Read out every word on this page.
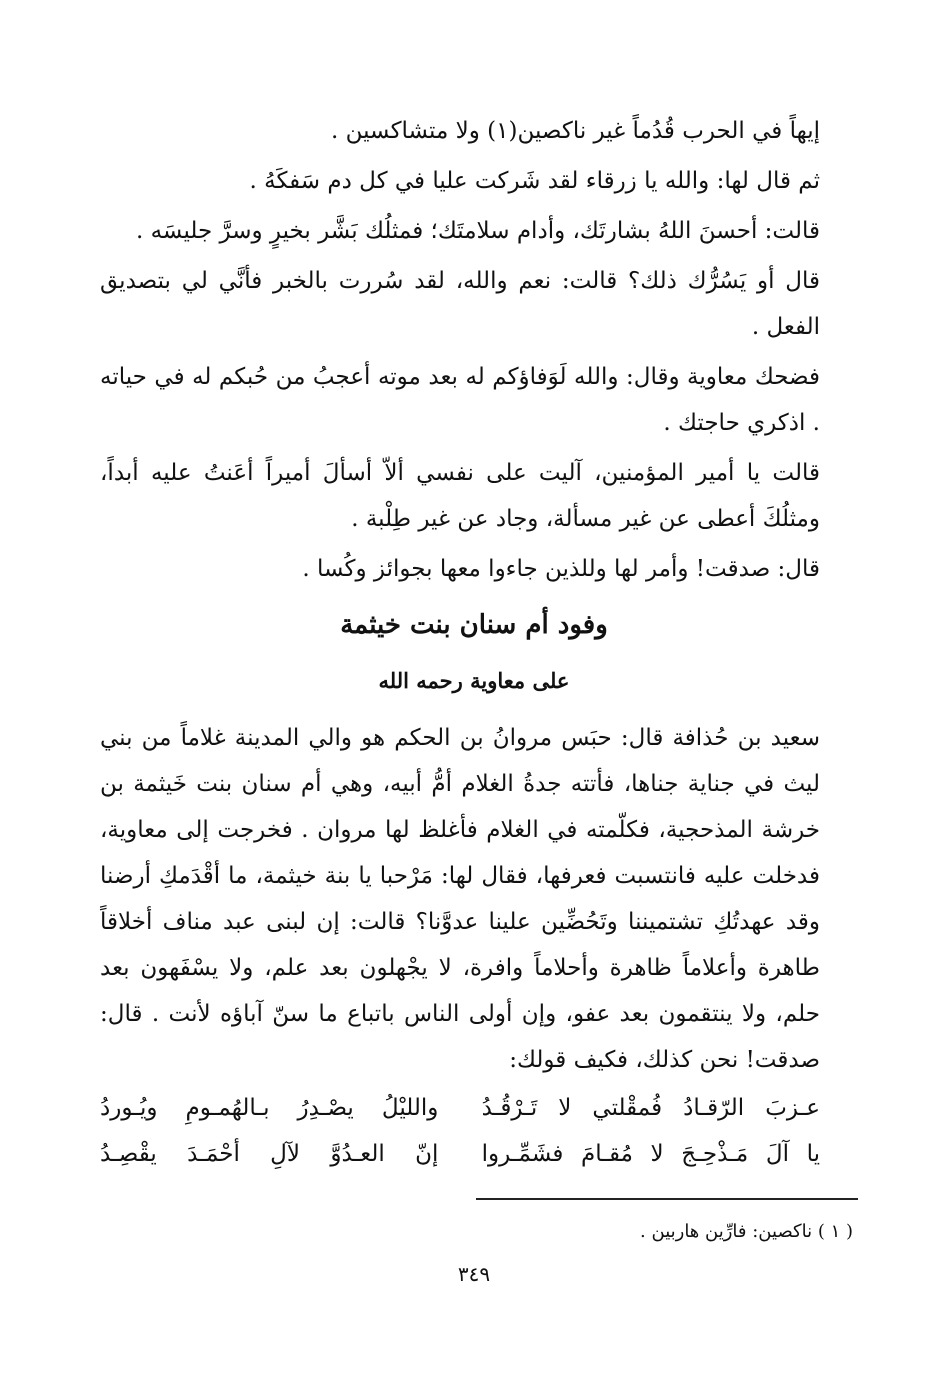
إيهاً في الحرب قُدُماً غير ناكصين(١) ولا متشاكسين .

ثم قال لها: والله يا زرقاء لقد شَركت عليا في كل دم سَفكَهُ .

قالت: أحسنَ اللهُ بشارتَك، وأدام سلامتَك؛ فمثلُك بَشَّر بخيرٍ وسرَّ جليسَه .

قال أو يَسُرُّك ذلك؟ قالت: نعم والله، لقد سُررت بالخبر فأنَّي لي بتصديق الفعل .

فضحك معاوية وقال: والله لَوَفاؤكم له بعد موته أعجبُ من حُبكم له في حياته . اذكري حاجتك .

قالت يا أمير المؤمنين، آليت على نفسي ألاّ أسألَ أميراً أعَنتُ عليه أبداً، ومثلُكَ أعطى عن غير مسألة، وجاد عن غير طِلْبة .

قال: صدقت! وأمر لها وللذين جاءوا معها بجوائز وكُسا .

وفود أم سنان بنت خيثمة
على معاوية رحمه الله

سعيد بن حُذافة قال: حبَس مروانُ بن الحكم هو والي المدينة غلاماً من بني ليث في جناية جناها، فأتته جدةُ الغلام أمُّ أبيه، وهي أم سنان بنت خَيثمة بن خرشة المذحجية، فكلّمته في الغلام فأغلظ لها مروان . فخرجت إلى معاوية، فدخلت عليه فانتسبت فعرفها، فقال لها: مَرْحبا يا بنة خيثمة، ما أقْدَمكِ أرضنا وقد عهدتُكِ تشتميننا وتَحُضِّين علينا عدوَّنا؟ قالت: إن لبنى عبد مناف أخلاقاً طاهرة وأعلاماً ظاهرة وأحلاماً وافرة، لا يجْهلون بعد علم، ولا يسْفَهون بعد حلم، ولا ينتقمون بعد عفو، وإن أولى الناس باتباع ما سنّ آباؤه لأنت . قال: صدقت! نحن كذلك، فكيف قولك:

عـزبَ الرّقـادُ فُمقْلتي لا تَـرْقُـدُ
والليْلُ يصْـدِرُ بـالهُمـومِ ويُـوردُ
يا آلَ مَـذْحِـجَ لا مُقـامَ فشَمِّـروا
إنّ العـدُوَّ لآلِ أحْمَـدَ يقْصِـدُ
( ١ ) ناكصين: فارِّين هاربين .
٣٤٩
